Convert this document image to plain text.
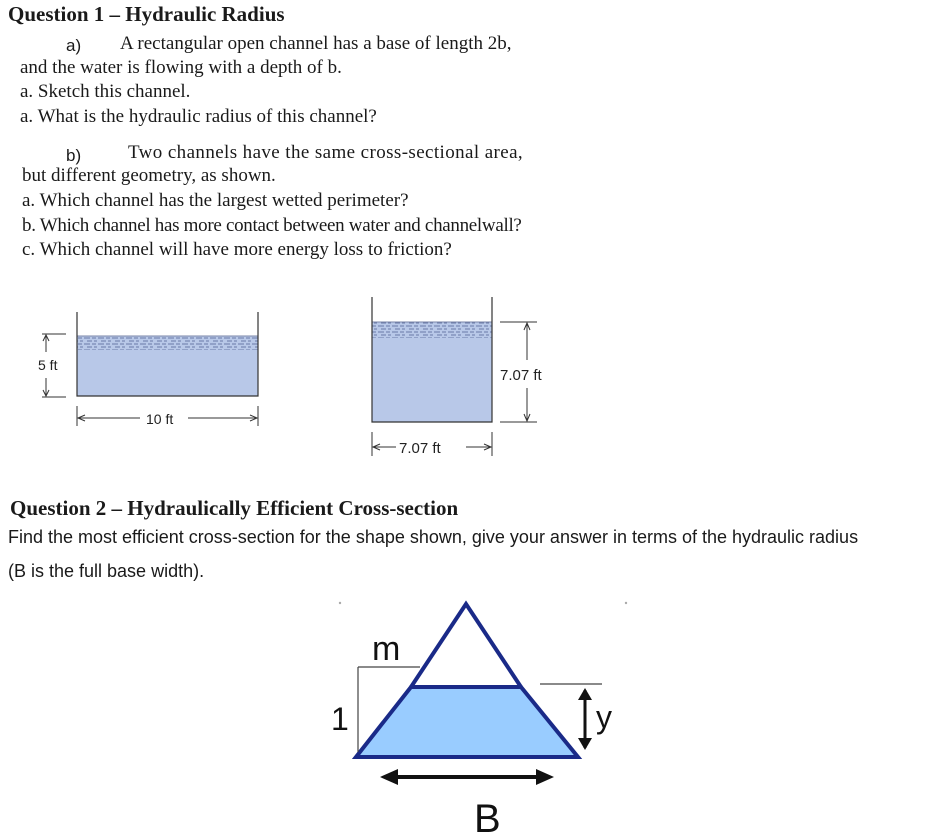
Question 1 – Hydraulic Radius
a) A rectangular open channel has a base of length 2b,
and the water is flowing with a depth of b.
a. Sketch this channel.
a. What is the hydraulic radius of this channel?
b) Two channels have the same cross-sectional area,
but different geometry, as shown.
a. Which channel has the largest wetted perimeter?
b. Which channel has more contact between water and channelwall?
c. Which channel will have more energy loss to friction?
5 ft
10 ft
7.07 ft
7.07 ft
Question 2 – Hydraulically Efficient Cross-section
Find the most efficient cross-section for the shape shown, give your answer in terms of the hydraulic radius
(B is the full base width).
m
1	y
B
